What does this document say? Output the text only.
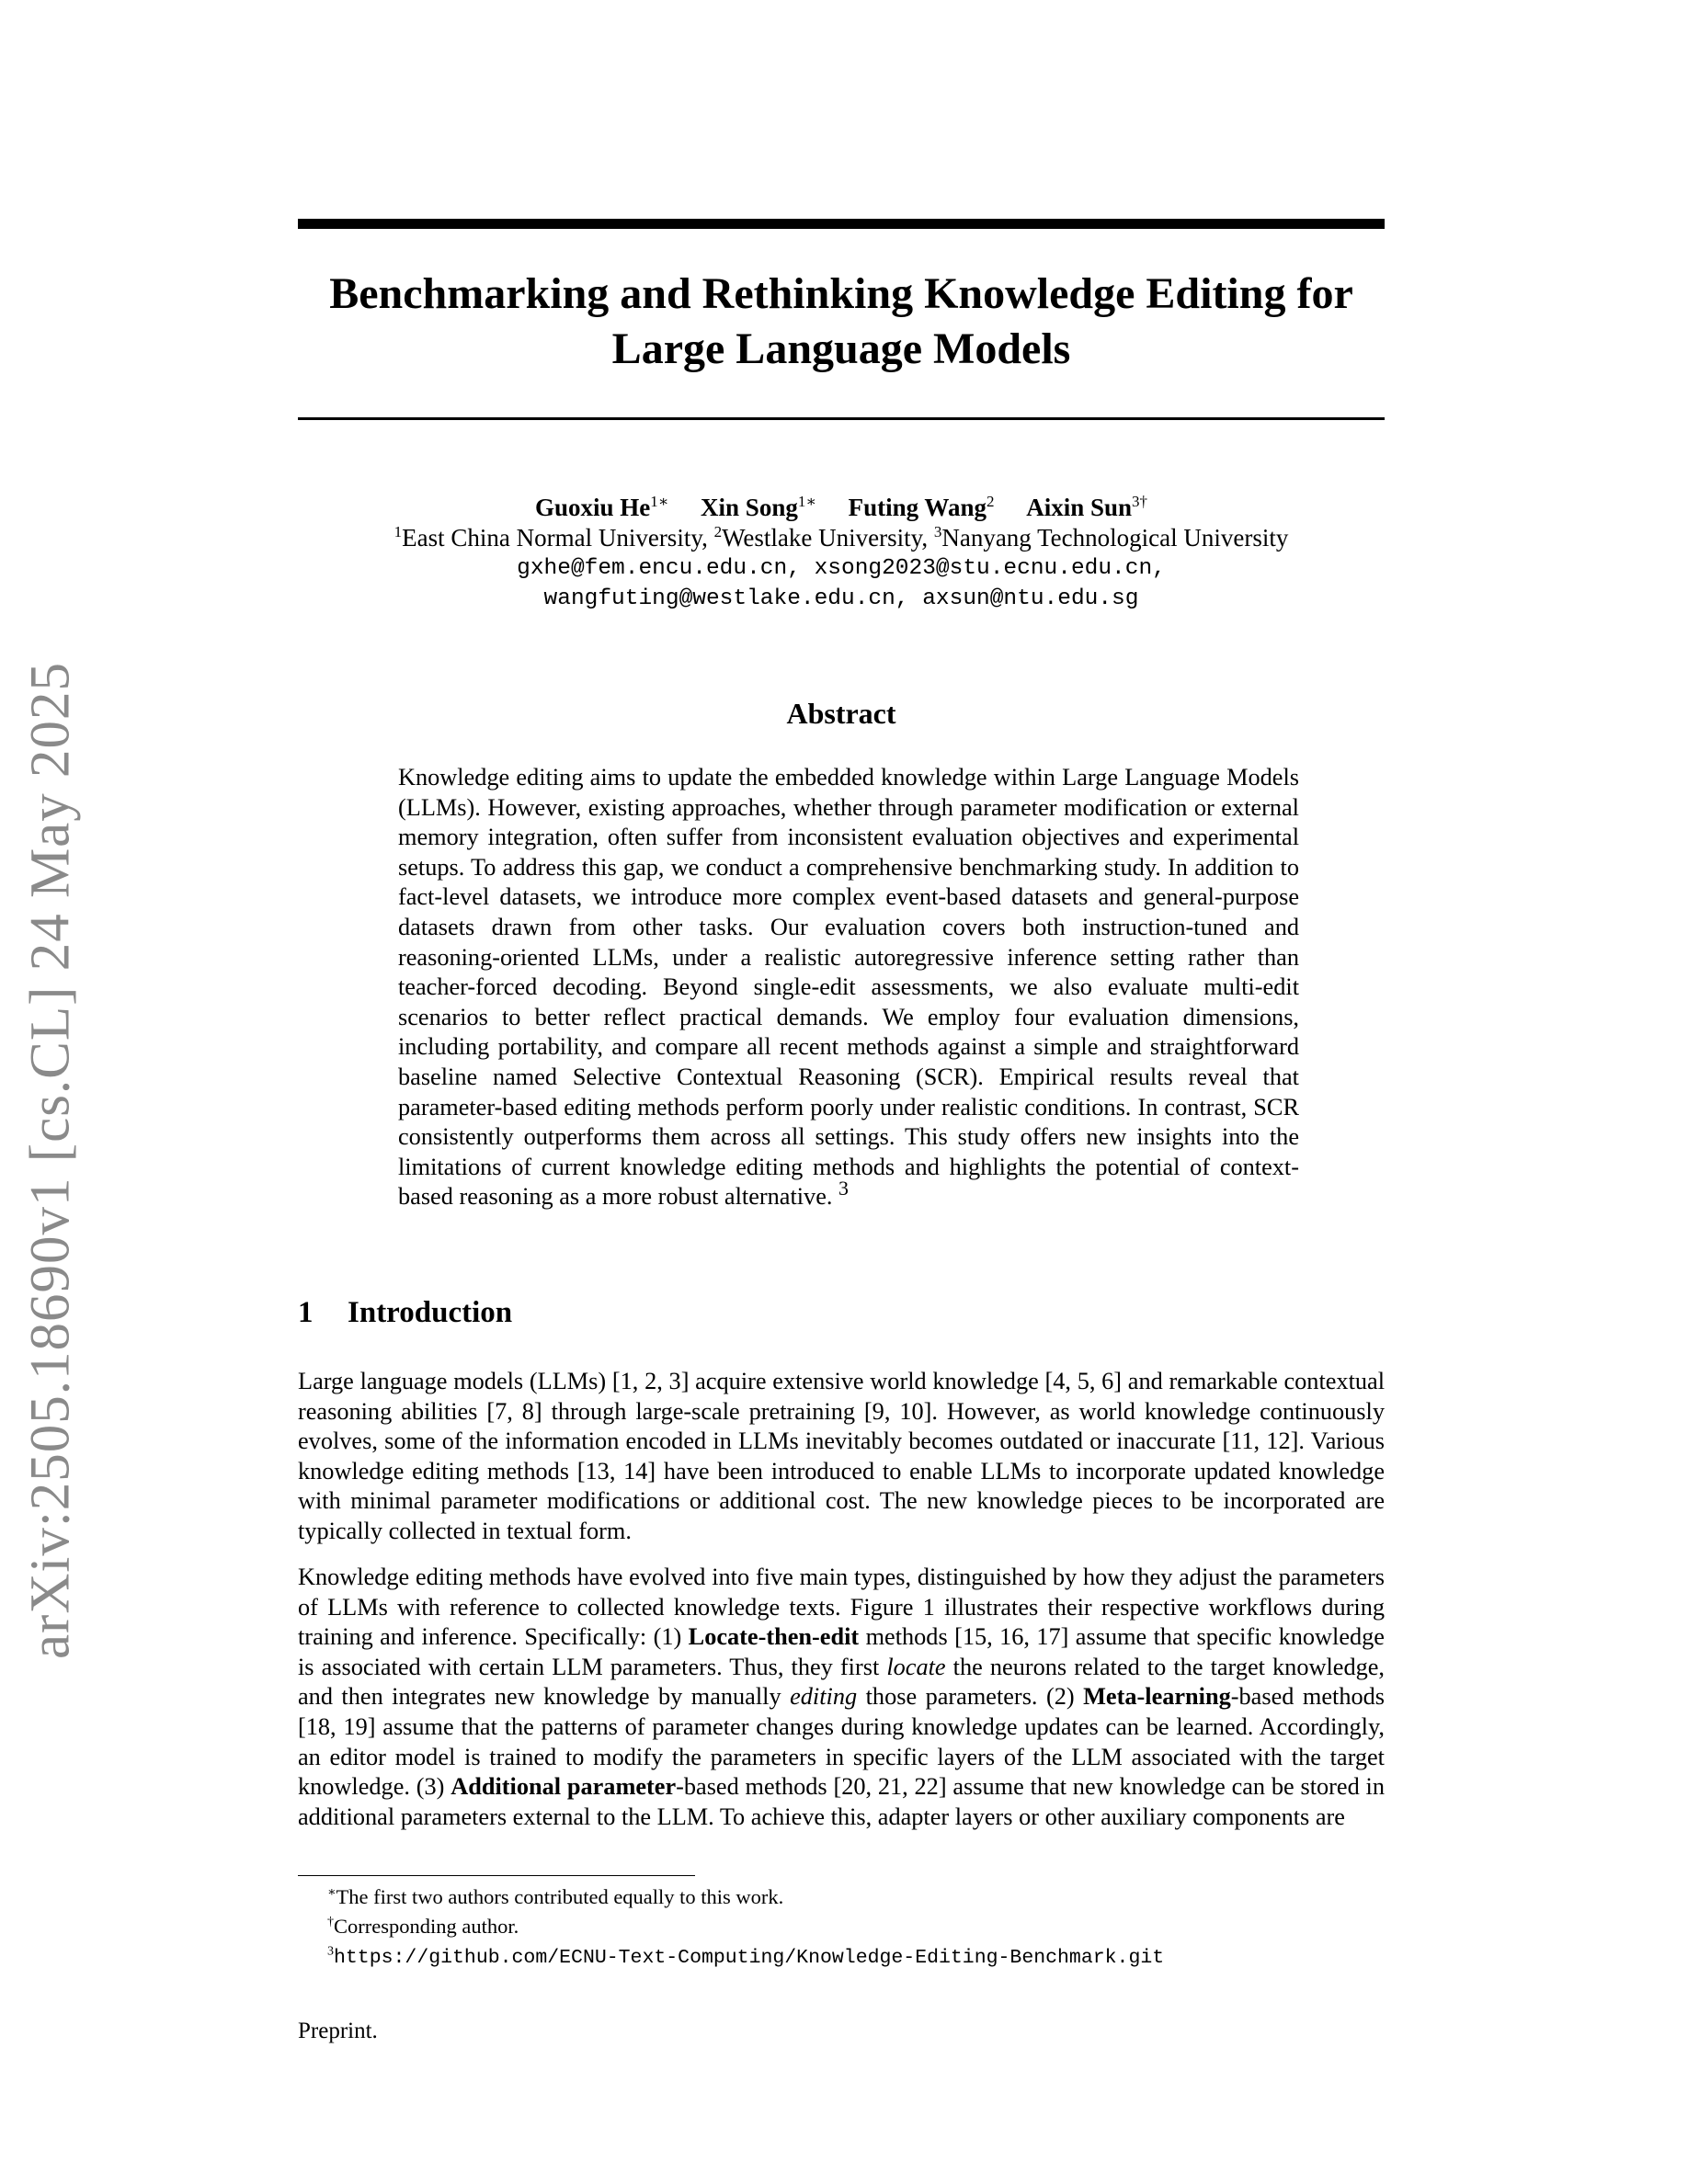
arXiv:2505.18690v1 [cs.CL] 24 May 2025
Benchmarking and Rethinking Knowledge Editing for
Large Language Models
Guoxiu $He^{1∗}$ Xin Song$^{1∗}$ Futing Wang$^2$ Aixin Sun$^{3\dagger}$
$^1$East China Normal University, $^2$Westlake University, $^3$Nanyang Technological University
gxhe@fem.encu.edu.cn, xsong2023@stu.ecnu.edu.cn,
wangfuting@westlake.edu.cn, axsun@ntu.edu.sg
Abstract
Knowledge editing aims to update the embedded knowledge within Large Language Models (LLMs). However, existing approaches, whether through parameter modification or external memory integration, often suffer from inconsistent evaluation objectives and experimental setups. To address this gap, we conduct a comprehensive benchmarking study. In addition to fact-level datasets, we introduce more complex event-based datasets and general-purpose datasets drawn from other tasks. Our evaluation covers both instruction-tuned and reasoning-oriented LLMs, under a realistic autoregressive inference setting rather than teacher-forced decoding. Beyond single-edit assessments, we also evaluate multi-edit scenarios to better reflect practical demands. We employ four evaluation dimensions, including portability, and compare all recent methods against a simple and straightforward baseline named Selective Contextual Reasoning (SCR). Empirical results reveal that parameter-based editing methods perform poorly under realistic conditions. In contrast, SCR consistently outperforms them across all settings. This study offers new insights into the limitations of current knowledge editing methods and highlights the potential of context-based reasoning as a more robust alternative. $^3$
1 Introduction
Large language models (LLMs) [1, 2, 3] acquire extensive world knowledge [4, 5, 6] and remarkable contextual reasoning abilities [7, 8] through large-scale pretraining [9, 10]. However, as world knowledge continuously evolves, some of the information encoded in LLMs inevitably becomes outdated or inaccurate [11, 12]. Various knowledge editing methods [13, 14] have been introduced to enable LLMs to incorporate updated knowledge with minimal parameter modifications or additional cost. The new knowledge pieces to be incorporated are typically collected in textual form.
Knowledge editing methods have evolved into five main types, distinguished by how they adjust the parameters of LLMs with reference to collected knowledge texts. Figure 1 illustrates their respective workflows during training and inference. Specifically: (1) Locate-then-edit methods [15, 16, 17] assume that specific knowledge is associated with certain LLM parameters. Thus, they first locate the neurons related to the target knowledge, and then integrates new knowledge by manually editing those parameters. (2) Meta-learning-based methods [18, 19] assume that the patterns of parameter changes during knowledge updates can be learned. Accordingly, an editor model is trained to modify the parameters in specific layers of the LLM associated with the target knowledge. (3) Additional parameter-based methods [20, 21, 22] assume that new knowledge can be stored in additional parameters external to the LLM. To achieve this, adapter layers or other auxiliary components are
∗The first two authors contributed equally to this work.
†Corresponding author.
$^3$https://github.com/ECNU-Text-Computing/Knowledge-Editing-Benchmark.git
Preprint.
